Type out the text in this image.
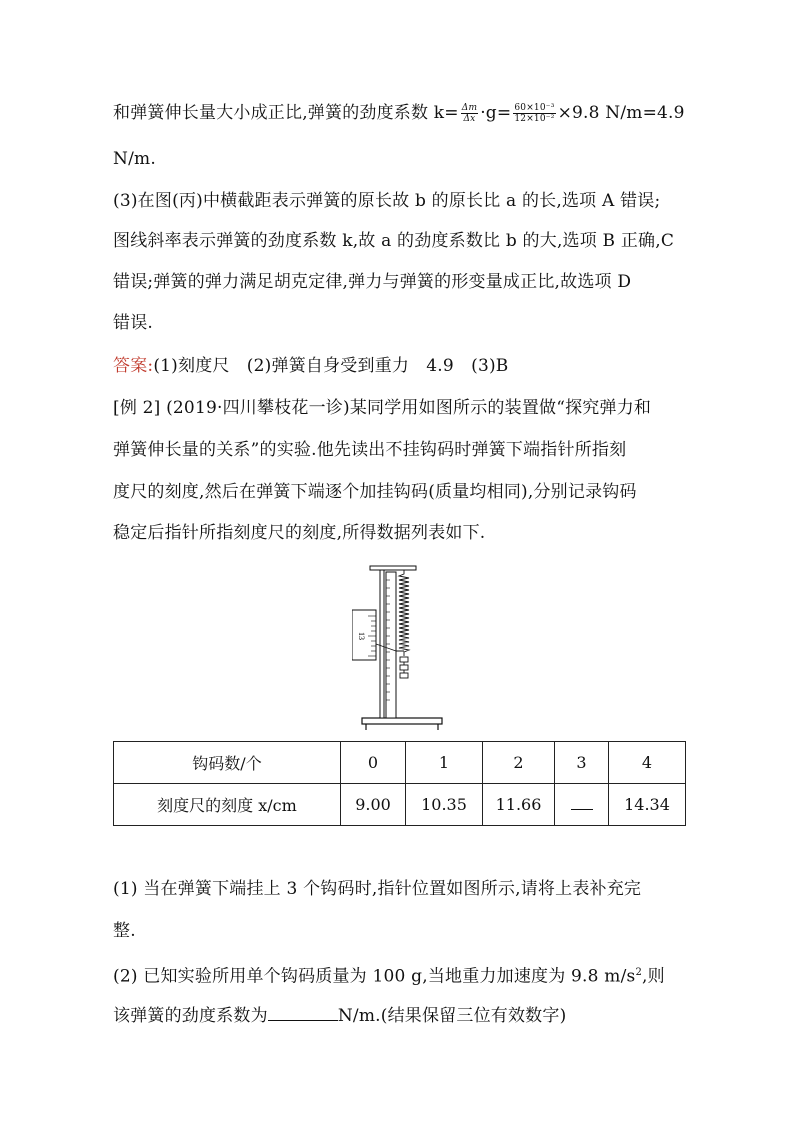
和弹簧伸长量大小成正比,弹簧的劲度系数 $k= \frac{\Delta m}{\Delta x} \cdot g= \frac{\text{60×10⁻³}}{\text{12×10⁻²}} \times 9.8$ N/m=4.9
N/m.
(3)在图(丙)中横截距表示弹簧的原长故 b 的原长比 a 的长,选项 A 错误;
图线斜率表示弹簧的劲度系数 k,故 a 的劲度系数比 b 的大,选项 B 正确,C
错误;弹簧的弹力满足胡克定律,弹力与弹簧的形变量成正比,故选项 D
错误.
答案:(1)刻度尺　(2)弹簧自身受到重力　4.9　(3)B
[例 2] (2019·四川攀枝花一诊)某同学用如图所示的装置做“探究弹力和
弹簧伸长量的关系”的实验.他先读出不挂钩码时弹簧下端指针所指刻
度尺的刻度,然后在弹簧下端逐个加挂钩码(质量均相同),分别记录钩码
稳定后指针所指刻度尺的刻度,所得数据列表如下.
13
钩码数/个	0	1	2	3	4
刻度尺的刻度 x/cm	9.00	10.35	11.66		14.34
(1) 当在弹簧下端挂上 3 个钩码时,指针位置如图所示,请将上表补充完
整.
(2) 已知实验所用单个钩码质量为 100 g,当地重力加速度为 9.8 $m/s^2$,则
该弹簧的劲度系数为	N/m.(结果保留三位有效数字)
